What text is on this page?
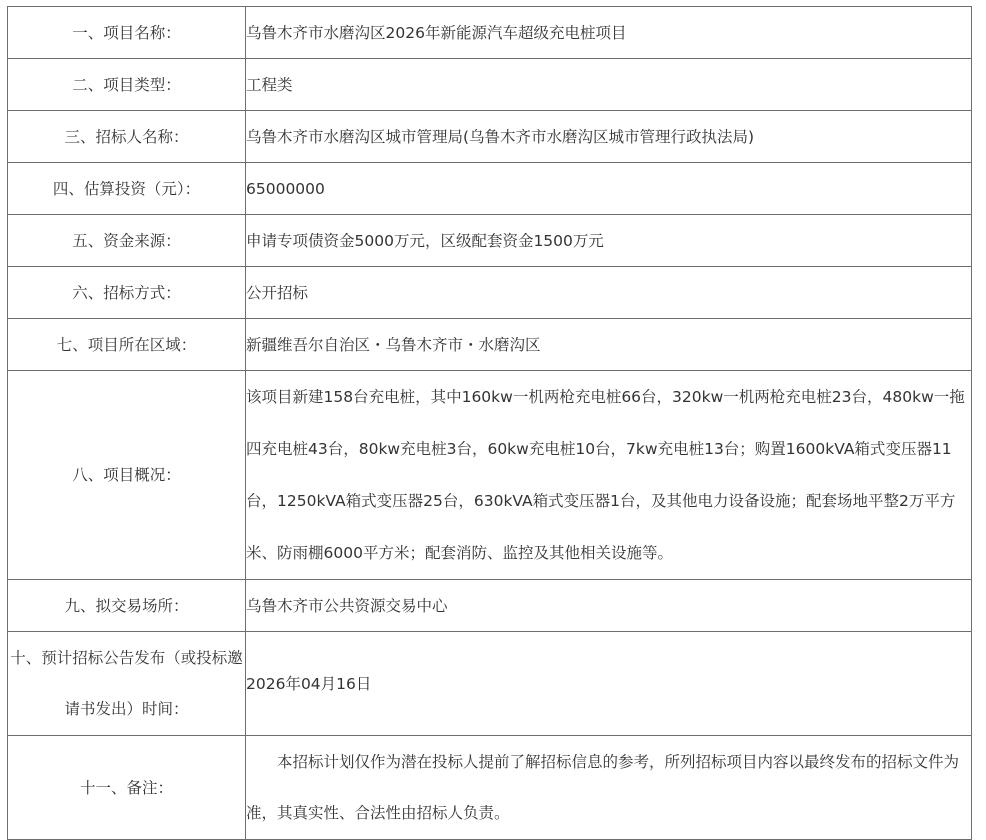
一、项目名称：	乌鲁木齐市水磨沟区2026年新能源汽车超级充电桩项目
二、项目类型：	工程类
三、招标人名称：	乌鲁木齐市水磨沟区城市管理局(乌鲁木齐市水磨沟区城市管理行政执法局)
四、估算投资（元）：	65000000
五、资金来源：	申请专项债资金5000万元，区级配套资金1500万元
六、招标方式：	公开招标
七、项目所在区域：	新疆维吾尔自治区・乌鲁木齐市・水磨沟区
八、项目概况：	该项目新建158台充电桩，其中160kw一机两枪充电桩66台，320kw一机两枪充电桩23台，480kw一拖四充电桩43台，80kw充电桩3台，60kw充电桩10台，7kw充电桩13台；购置1600kVA箱式变压器11台，1250kVA箱式变压器25台，630kVA箱式变压器1台，及其他电力设备设施；配套场地平整2万平方米、防雨棚6000平方米；配套消防、监控及其他相关设施等。
九、拟交易场所：	乌鲁木齐市公共资源交易中心
十、预计招标公告发布（或投标邀请书发出）时间：	2026年04月16日
十一、备注：	本招标计划仅作为潜在投标人提前了解招标信息的参考，所列招标项目内容以最终发布的招标文件为准，其真实性、合法性由招标人负责。
